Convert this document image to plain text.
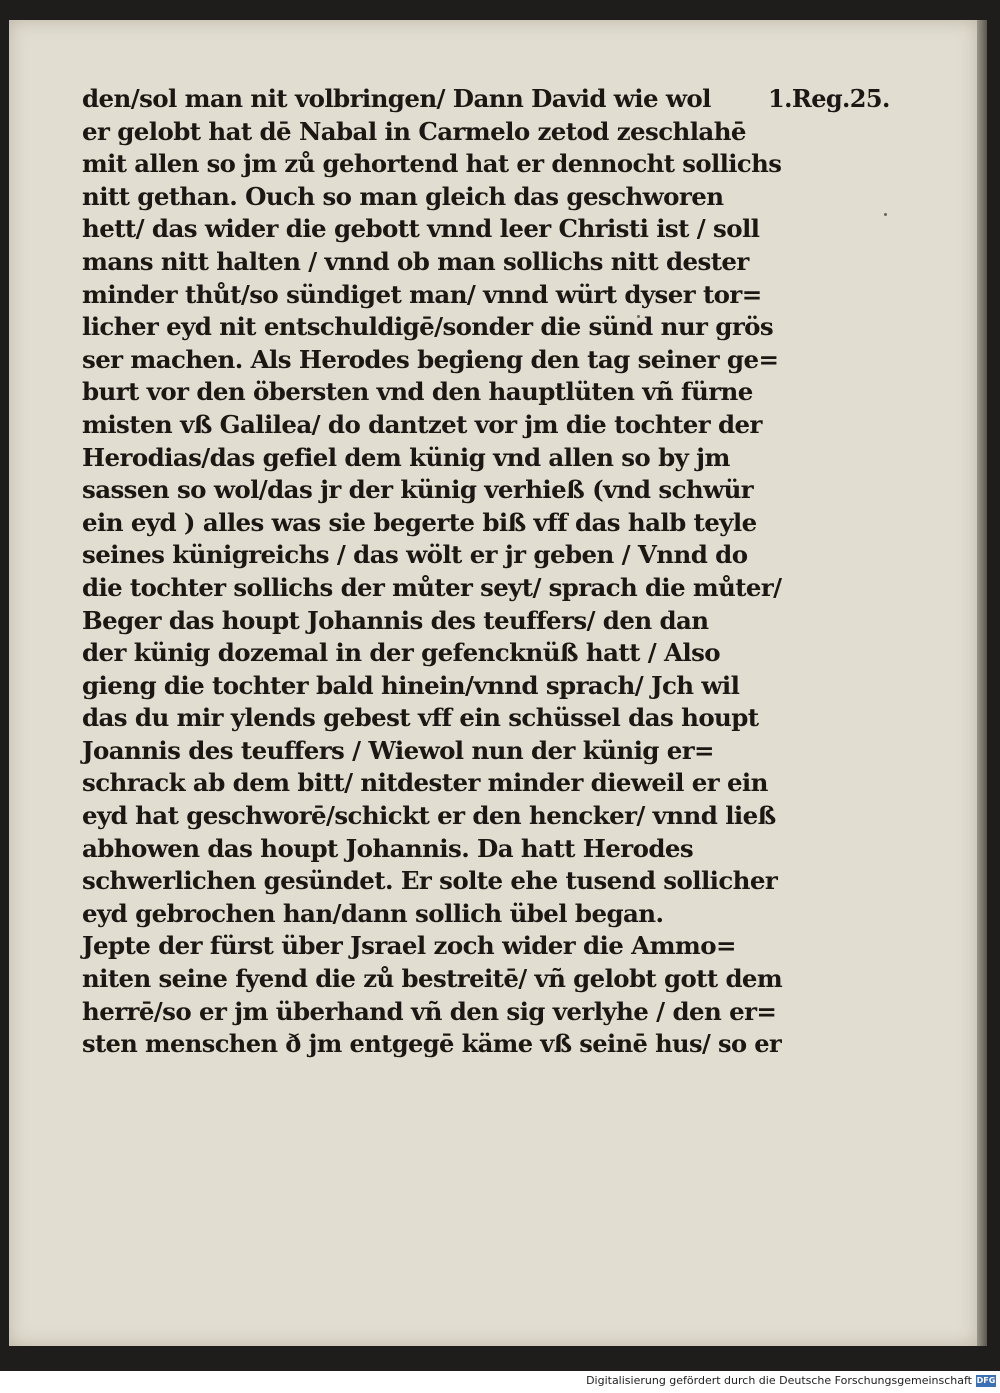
den/sol man nit volbringen/ Dann David wie wol
er gelobt hat dē Nabal in Carmelo zetod zeschlahē
mit allen so jm zů gehortend hat er dennocht sollichs
nitt gethan. Ouch so man gleich das geschworen
hett/ das wider die gebott vnnd leer Christi ist / soll
mans nitt halten / vnnd ob man sollichs nitt dester
minder thůt/so sündiget man/ vnnd würt dyser tor=
licher eyd nit entschuldigē/sonder die sünd nur grös
ser machen. Als Herodes begieng den tag seiner ge=
burt vor den öbersten vnd den hauptlüten vñ fürne
misten vß Galilea/ do dantzet vor jm die tochter der
Herodias/das gefiel dem künig vnd allen so by jm
sassen so wol/das jr der künig verhieß (vnd schwür
ein eyd ) alles was sie begerte biß vff das halb teyle
seines künigreichs / das wölt er jr geben / Vnnd do
die tochter sollichs der můter seyt/ sprach die můter/
Beger das houpt Johannis des teuffers/ den dan
der künig dozemal in der gefencknüß hatt / Also
gieng die tochter bald hinein/vnnd sprach/ Jch wil
das du mir ylends gebest vff ein schüssel das houpt
Joannis des teuffers / Wiewol nun der künig er=
schrack ab dem bitt/ nitdester minder dieweil er ein
eyd hat geschworē/schickt er den hencker/ vnnd ließ
abhowen das houpt Johannis. Da hatt Herodes
schwerlichen gesündet. Er solte ehe tusend sollicher
eyd gebrochen han/dann sollich übel began.
Jepte der fürst über Jsrael zoch wider die Ammo=
niten seine fyend die zů bestreitē/ vñ gelobt gott dem
herrē/so er jm überhand vñ den sig verlyhe / den er=
sten menschen ð jm entgegē käme vß seinē hus/ so er
1.Reg.25.
Digitalisierung gefördert durch die Deutsche Forschungsgemeinschaft DFG
